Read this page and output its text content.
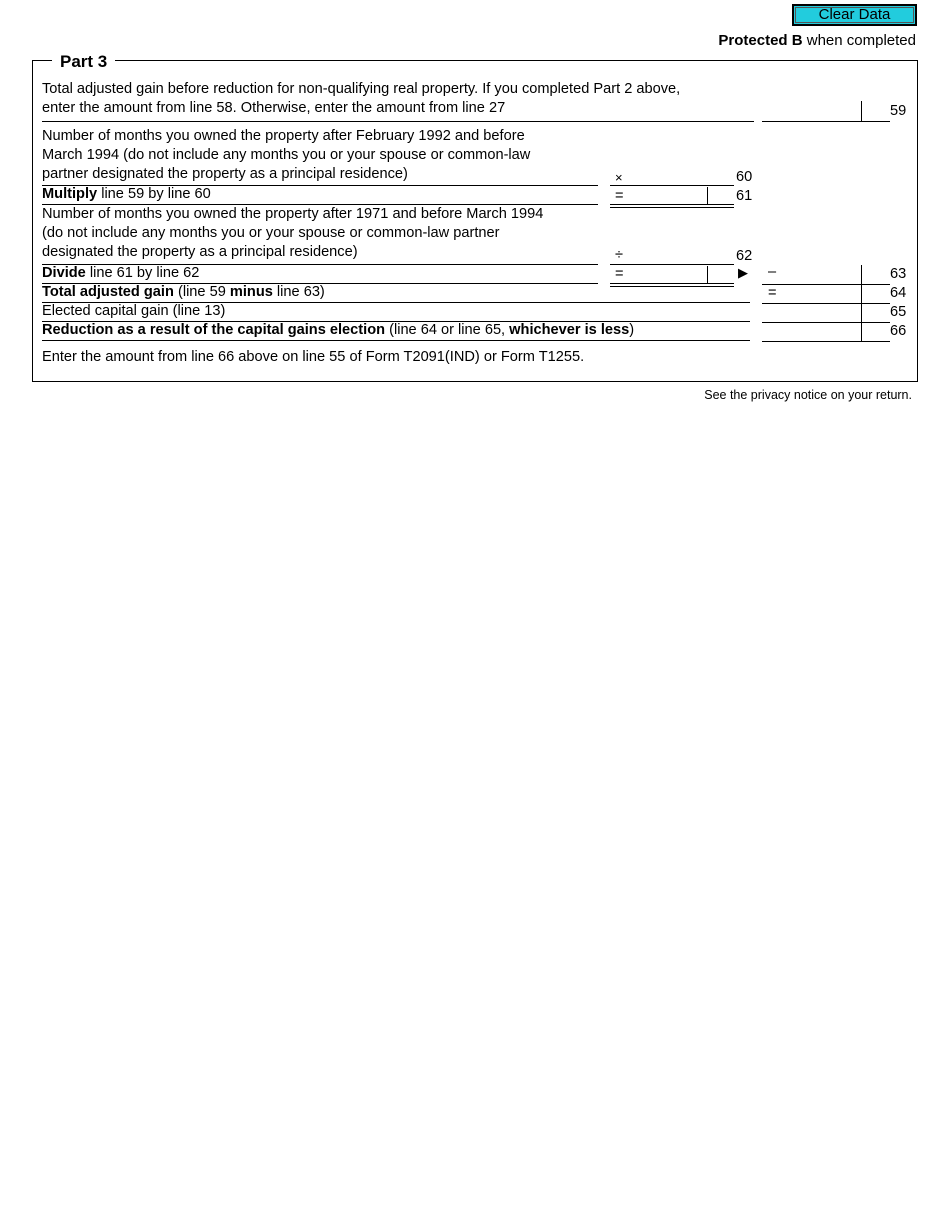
Clear Data
Protected B when completed
Part 3
Total adjusted gain before reduction for non-qualifying real property. If you completed Part 2 above,
enter the amount from line 58. Otherwise, enter the amount from line 27	59
Number of months you owned the property after February 1992 and before
March 1994 (do not include any months you or your spouse or common-law
partner designated the property as a principal residence)	×	60
Multiply line 59 by line 60	=	61
Number of months you owned the property after 1971 and before March 1994
(do not include any months you or your spouse or common-law partner
designated the property as a principal residence)	÷	62
Divide line 61 by line 62	=	▶ –	63
Total adjusted gain (line 59 minus line 63)	=	64
Elected capital gain (line 13)	65
Reduction as a result of the capital gains election (line 64 or line 65, whichever is less)	66
Enter the amount from line 66 above on line 55 of Form T2091(IND) or Form T1255.
See the privacy notice on your return.
